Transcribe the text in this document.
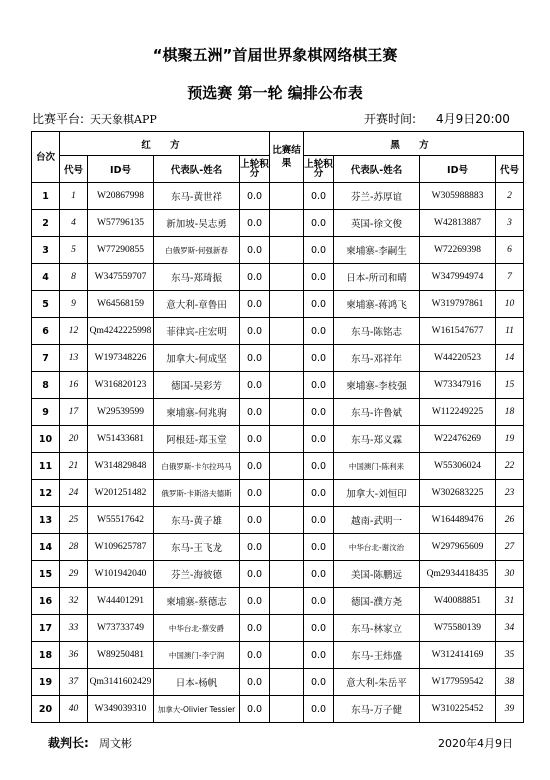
“棋聚五洲”首届世界象棋网络棋王赛
预选赛 第一轮 编排公布表
比赛平台: 天天象棋APP	开赛时间: 4月9日20:00
台次	红 方				比赛结果	黑 方			
	代号	ID号	代表队-姓名	上轮积分		上轮积分	代表队-姓名	ID号	代号
1	1	W20867998	东马-黄世祥	0.0		0.0	芬兰-苏厚谊	W305988883	2
2	4	W57796135	新加坡-吴志勇	0.0		0.0	英国-徐文俊	W42813887	3
3	5	W77290855	白俄罗斯-何强新春	0.0		0.0	柬埔寨-李嗣生	W72269398	6
4	8	W347559707	东马-郑琦振	0.0		0.0	日本-所司和晴	W347994974	7
5	9	W64568159	意大利-章鲁田	0.0		0.0	柬埔寨-蒋鸿飞	W319797861	10
6	12	Qm4242225998	菲律宾-庄宏明	0.0		0.0	东马-陈铭志	W161547677	11
7	13	W197348226	加拿大-何成坚	0.0		0.0	东马-邓祥年	W44220523	14
8	16	W316820123	德国-吴彩芳	0.0		0.0	柬埔寨-李枝强	W73347916	15
9	17	W29539599	柬埔寨-何兆驹	0.0		0.0	东马-许鲁斌	W112249225	18
10	20	W51433681	阿根廷-郑玉堂	0.0		0.0	东马-郑义霖	W22476269	19
11	21	W314829848	白俄罗斯-卡尔拉玛马	0.0		0.0	中国澳门-陈利来	W55306024	22
12	24	W201251482	俄罗斯-卡斯洛夫德斯	0.0		0.0	加拿大-刘恒印	W302683225	23
13	25	W55517642	东马-黄子雄	0.0		0.0	越南-武明一	W164489476	26
14	28	W109625787	东马-王飞龙	0.0		0.0	中华台北-谢汶治	W297965609	27
15	29	W101942040	芬兰-海彼德	0.0		0.0	美国-陈鹏远	Qm2934418435	30
16	32	W44401291	柬埔寨-蔡德志	0.0		0.0	德国-濮方尧	W40088851	31
17	33	W73733749	中华台北-蔡安爵	0.0		0.0	东马-林家立	W75580139	34
18	36	W89250481	中国澳门-李宁润	0.0		0.0	东马-王炜盛	W312414169	35
19	37	Qm3141602429	日本-杨帆	0.0		0.0	意大利-朱岳平	W177959542	38
20	40	W349039310	加拿大-Olivier Tessier	0.0		0.0	东马-万子健	W310225452	39
裁判长: 周文彬	2020年4月9日
